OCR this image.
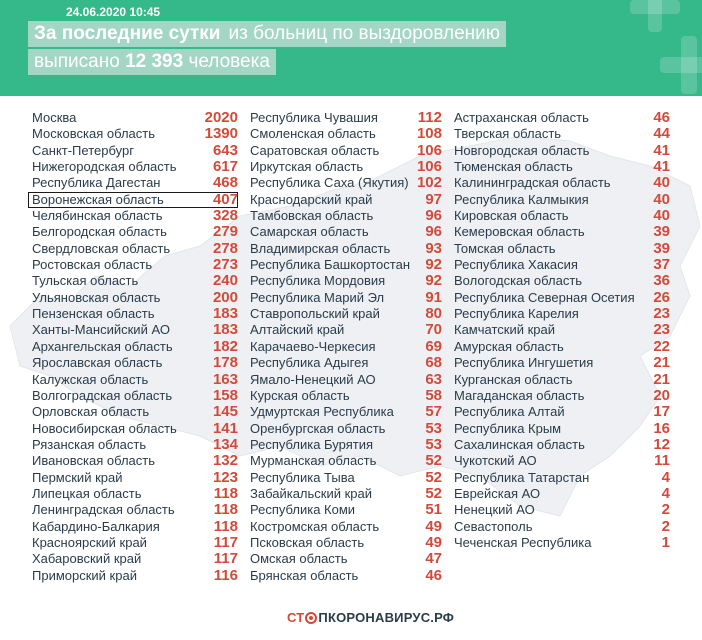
24.06.2020 10:45
За последние сутки из больниц по выздоровлению
выписано 12 393 человека
Москва	2020
Московская область	1390
Санкт-Петербург	643
Нижегородская область 617
Республика Дагестан	468
Воронежская область	407
Челябинская область	328
Белгородская область	279
Свердловская область	278
Ростовская область	273
Тульская область	240
Ульяновская область	200
Пензенская область	183
Ханты-Мансийский АО	183
Архангельская область	182
Ярославская область	178
Калужская область	163
Волгоградская область	158
Орловская область	145
Новосибирская область 141
Рязанская область	134
Ивановская область	132
Пермский край	123
Липецкая область	118
Ленинградская область	118
Кабардино-Балкария	118
Красноярский край	117
Хабаровский край	117
Приморский край	116
Республика Чувашия	112
Смоленская область	108
Саратовская область	106
Иркутская область	106
Республика Саха (Якутия) 102
Краснодарский край	97
Тамбовская область	96
Самарская область	96
Владимирская область 93
Республика Башкортостан 92
Республика Мордовия	92
Республика Марий Эл	91
Ставропольский край	80
Алтайский край	70
Карачаево-Черкесия	69
Республика Адыгея	68
Ямало-Ненецкий АО	63
Курская область	58
Удмуртская Республика 57
Оренбургская область	53
Республика Бурятия	53
Мурманская область	52
Республика Тыва	52
Забайкальский край	52
Республика Коми	51
Костромская область	49
Псковская область	49
Омская область	47
Брянская область	46
Астраханская область	46
Тверская область	44
Новгородская область	41
Тюменская область	41
Калининградская область	40
Республика Калмыкия	40
Кировская область	40
Кемеровская область	39
Томская область	39
Республика Хакасия	37
Вологодская область	36
Республика Северная Осетия 26
Республика Карелия	23
Камчатский край	23
Амурская область	22
Республика Ингушетия	21
Курганская область	21
Магаданская область	20
Республика Алтай	17
Республика Крым	16
Сахалинская область	12
Чукотский АО	11
Республика Татарстан	4
Еврейская АО	4
Ненецкий АО	2
Севастополь	2
Чеченская Республика	1
СТ ПКОРОНАВИРУС.РФ
